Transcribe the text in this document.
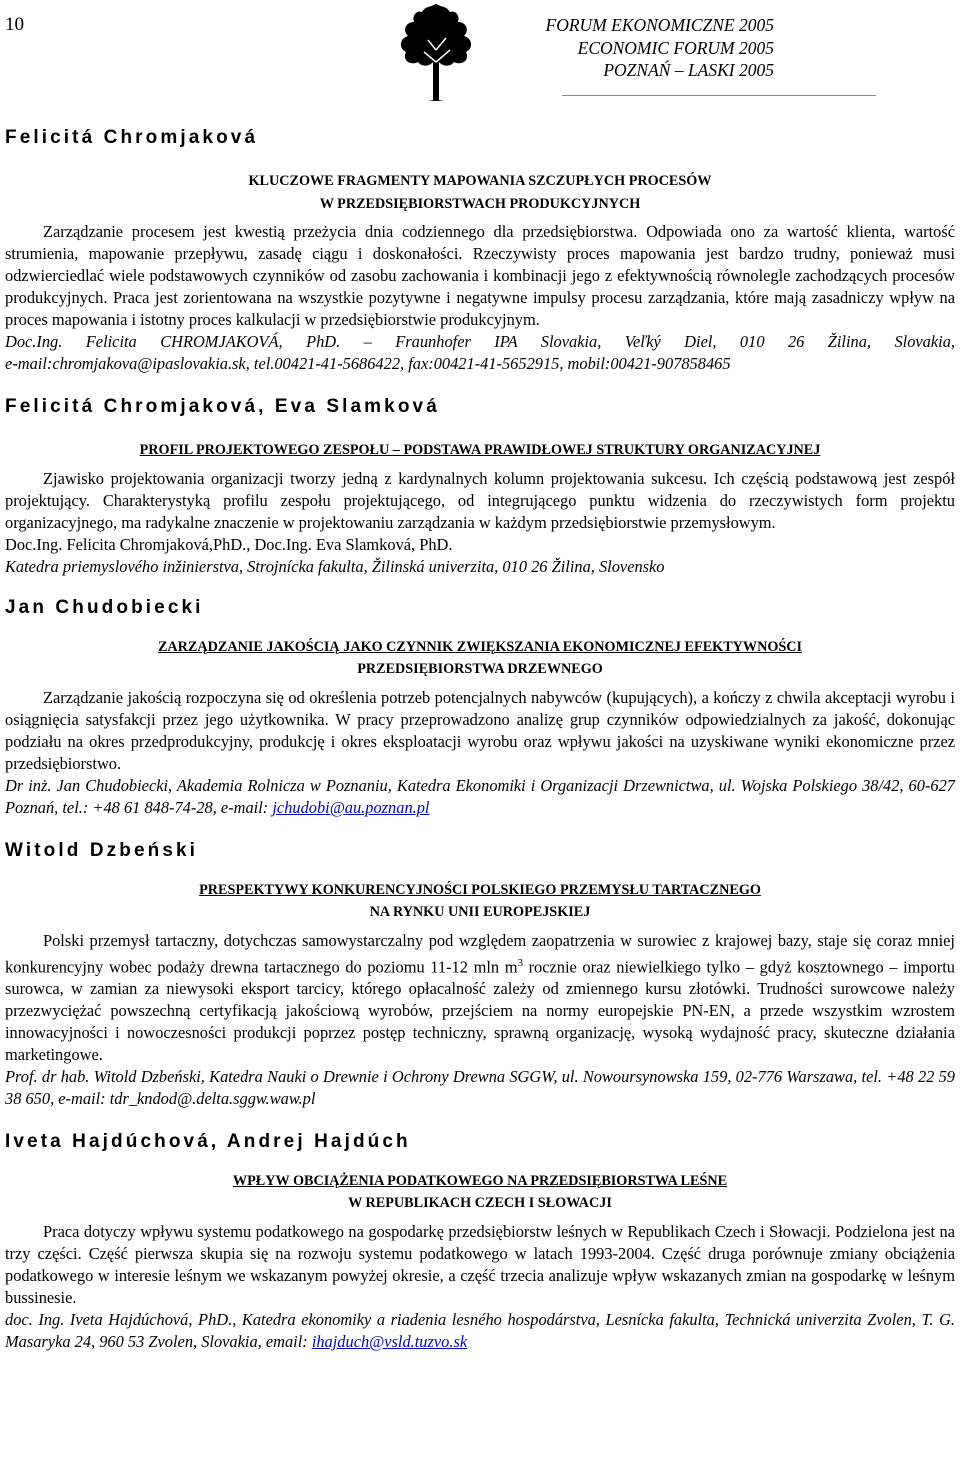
10	FORUM EKONOMICZNE 2005
ECONOMIC FORUM 2005
POZNAŃ – LASKI 2005

Felicitá Chromjaková

KLUCZOWE FRAGMENTY MAPOWANIA SZCZUPŁYCH PROCESÓW
W PRZEDSIĘBIORSTWACH PRODUKCYJNYCH

Zarządzanie procesem jest kwestią przeżycia dnia codziennego dla przedsiębiorstwa. Odpowiada ono za wartość klienta, wartość strumienia, mapowanie przepływu, zasadę ciągu i doskonałości. Rzeczywisty proces mapowania jest bardzo trudny, ponieważ musi odzwierciedlać wiele podstawowych czynników od zasobu zachowania i kombinacji jego z efektywnością równolegle zachodzących procesów produkcyjnych. Praca jest zorientowana na wszystkie pozytywne i negatywne impulsy procesu zarządzania, które mają zasadniczy wpływ na proces mapowania i istotny proces kalkulacji w przedsiębiorstwie produkcyjnym.

Doc.Ing. Felicita CHROMJAKOVÁ, PhD. – Fraunhofer IPA Slovakia, Veľký Diel, 010 26 Žilina, Slovakia,

e-mail:chromjakova@ipaslovakia.sk, tel.00421-41-5686422, fax:00421-41-5652915, mobil:00421-907858465

Felicitá Chromjaková, Eva Slamková

PROFIL PROJEKTOWEGO ZESPOŁU – PODSTAWA PRAWIDŁOWEJ STRUKTURY ORGANIZACYJNEJ

Zjawisko projektowania organizacji tworzy jedną z kardynalnych kolumn projektowania sukcesu. Ich częścią podstawową jest zespół projektujący. Charakterystyką profilu zespołu projektującego, od integrującego punktu widzenia do rzeczywistych form projektu organizacyjnego, ma radykalne znaczenie w projektowaniu zarządzania w każdym przedsiębiorstwie przemysłowym.

Doc.Ing. Felicita Chromjaková,PhD., Doc.Ing. Eva Slamková, PhD.

Katedra priemyslového inžinierstva, Strojnícka fakulta, Žilinská univerzita, 010 26 Žilina, Slovensko

Jan Chudobiecki

ZARZĄDZANIE JAKOŚCIĄ JAKO CZYNNIK ZWIĘKSZANIA EKONOMICZNEJ EFEKTYWNOŚCI
PRZEDSIĘBIORSTWA DRZEWNEGO

Zarządzanie jakością rozpoczyna się od określenia potrzeb potencjalnych nabywców (kupujących), a kończy z chwila akceptacji wyrobu i osiągnięcia satysfakcji przez jego użytkownika. W pracy przeprowadzono analizę grup czynników odpowiedzialnych za jakość, dokonując podziału na okres przedprodukcyjny, produkcję i okres eksploatacji wyrobu oraz wpływu jakości na uzyskiwane wyniki ekonomiczne przez przedsiębiorstwo.

Dr inż. Jan Chudobiecki, Akademia Rolnicza w Poznaniu, Katedra Ekonomiki i Organizacji Drzewnictwa, ul. Wojska Polskiego 38/42, 60-627 Poznań, tel.: +48 61 848-74-28, e-mail: jchudobi@au.poznan.pl

Witold Dzbeński

PRESPEKTYWY KONKURENCYJNOŚCI POLSKIEGO PRZEMYSŁU TARTACZNEGO
NA RYNKU UNII EUROPEJSKIEJ

Polski przemysł tartaczny, dotychczas samowystarczalny pod względem zaopatrzenia w surowiec z krajowej bazy, staje się coraz mniej konkurencyjny wobec podaży drewna tartacznego do poziomu 11-12 mln $m^3$ rocznie oraz niewielkiego tylko – gdyż kosztownego – importu surowca, w zamian za niewysoki eksport tarcicy, którego opłacalność zależy od zmiennego kursu złotówki. Trudności surowcowe należy przezwyciężać powszechną certyfikacją jakościową wyrobów, przejściem na normy europejskie PN-EN, a przede wszystkim wzrostem innowacyjności i nowoczesności produkcji poprzez postęp techniczny, sprawną organizację, wysoką wydajność pracy, skuteczne działania marketingowe.

Prof. dr hab. Witold Dzbeński, Katedra Nauki o Drewnie i Ochrony Drewna SGGW, ul. Nowoursynowska 159, 02-776 Warszawa, tel. +48 22 59 38 650, e-mail: tdr_kndod@.delta.sggw.waw.pl

Iveta Hajdúchová, Andrej Hajdúch

WPŁYW OBCIĄŻENIA PODATKOWEGO NA PRZEDSIĘBIORSTWA LEŚNE
W REPUBLIKACH CZECH I SŁOWACJI

Praca dotyczy wpływu systemu podatkowego na gospodarkę przedsiębiorstw leśnych w Republikach Czech i Słowacji. Podzielona jest na trzy części. Część pierwsza skupia się na rozwoju systemu podatkowego w latach 1993-2004. Część druga porównuje zmiany obciążenia podatkowego w interesie leśnym we wskazanym powyżej okresie, a część trzecia analizuje wpływ wskazanych zmian na gospodarkę w leśnym bussinesie.

doc. Ing. Iveta Hajdúchová, PhD., Katedra ekonomiky a riadenia lesného hospodárstva, Lesnícka fakulta, Technická univerzita Zvolen, T. G. Masaryka 24, 960 53 Zvolen, Slovakia, email: ihajduch@vsld.tuzvo.sk
